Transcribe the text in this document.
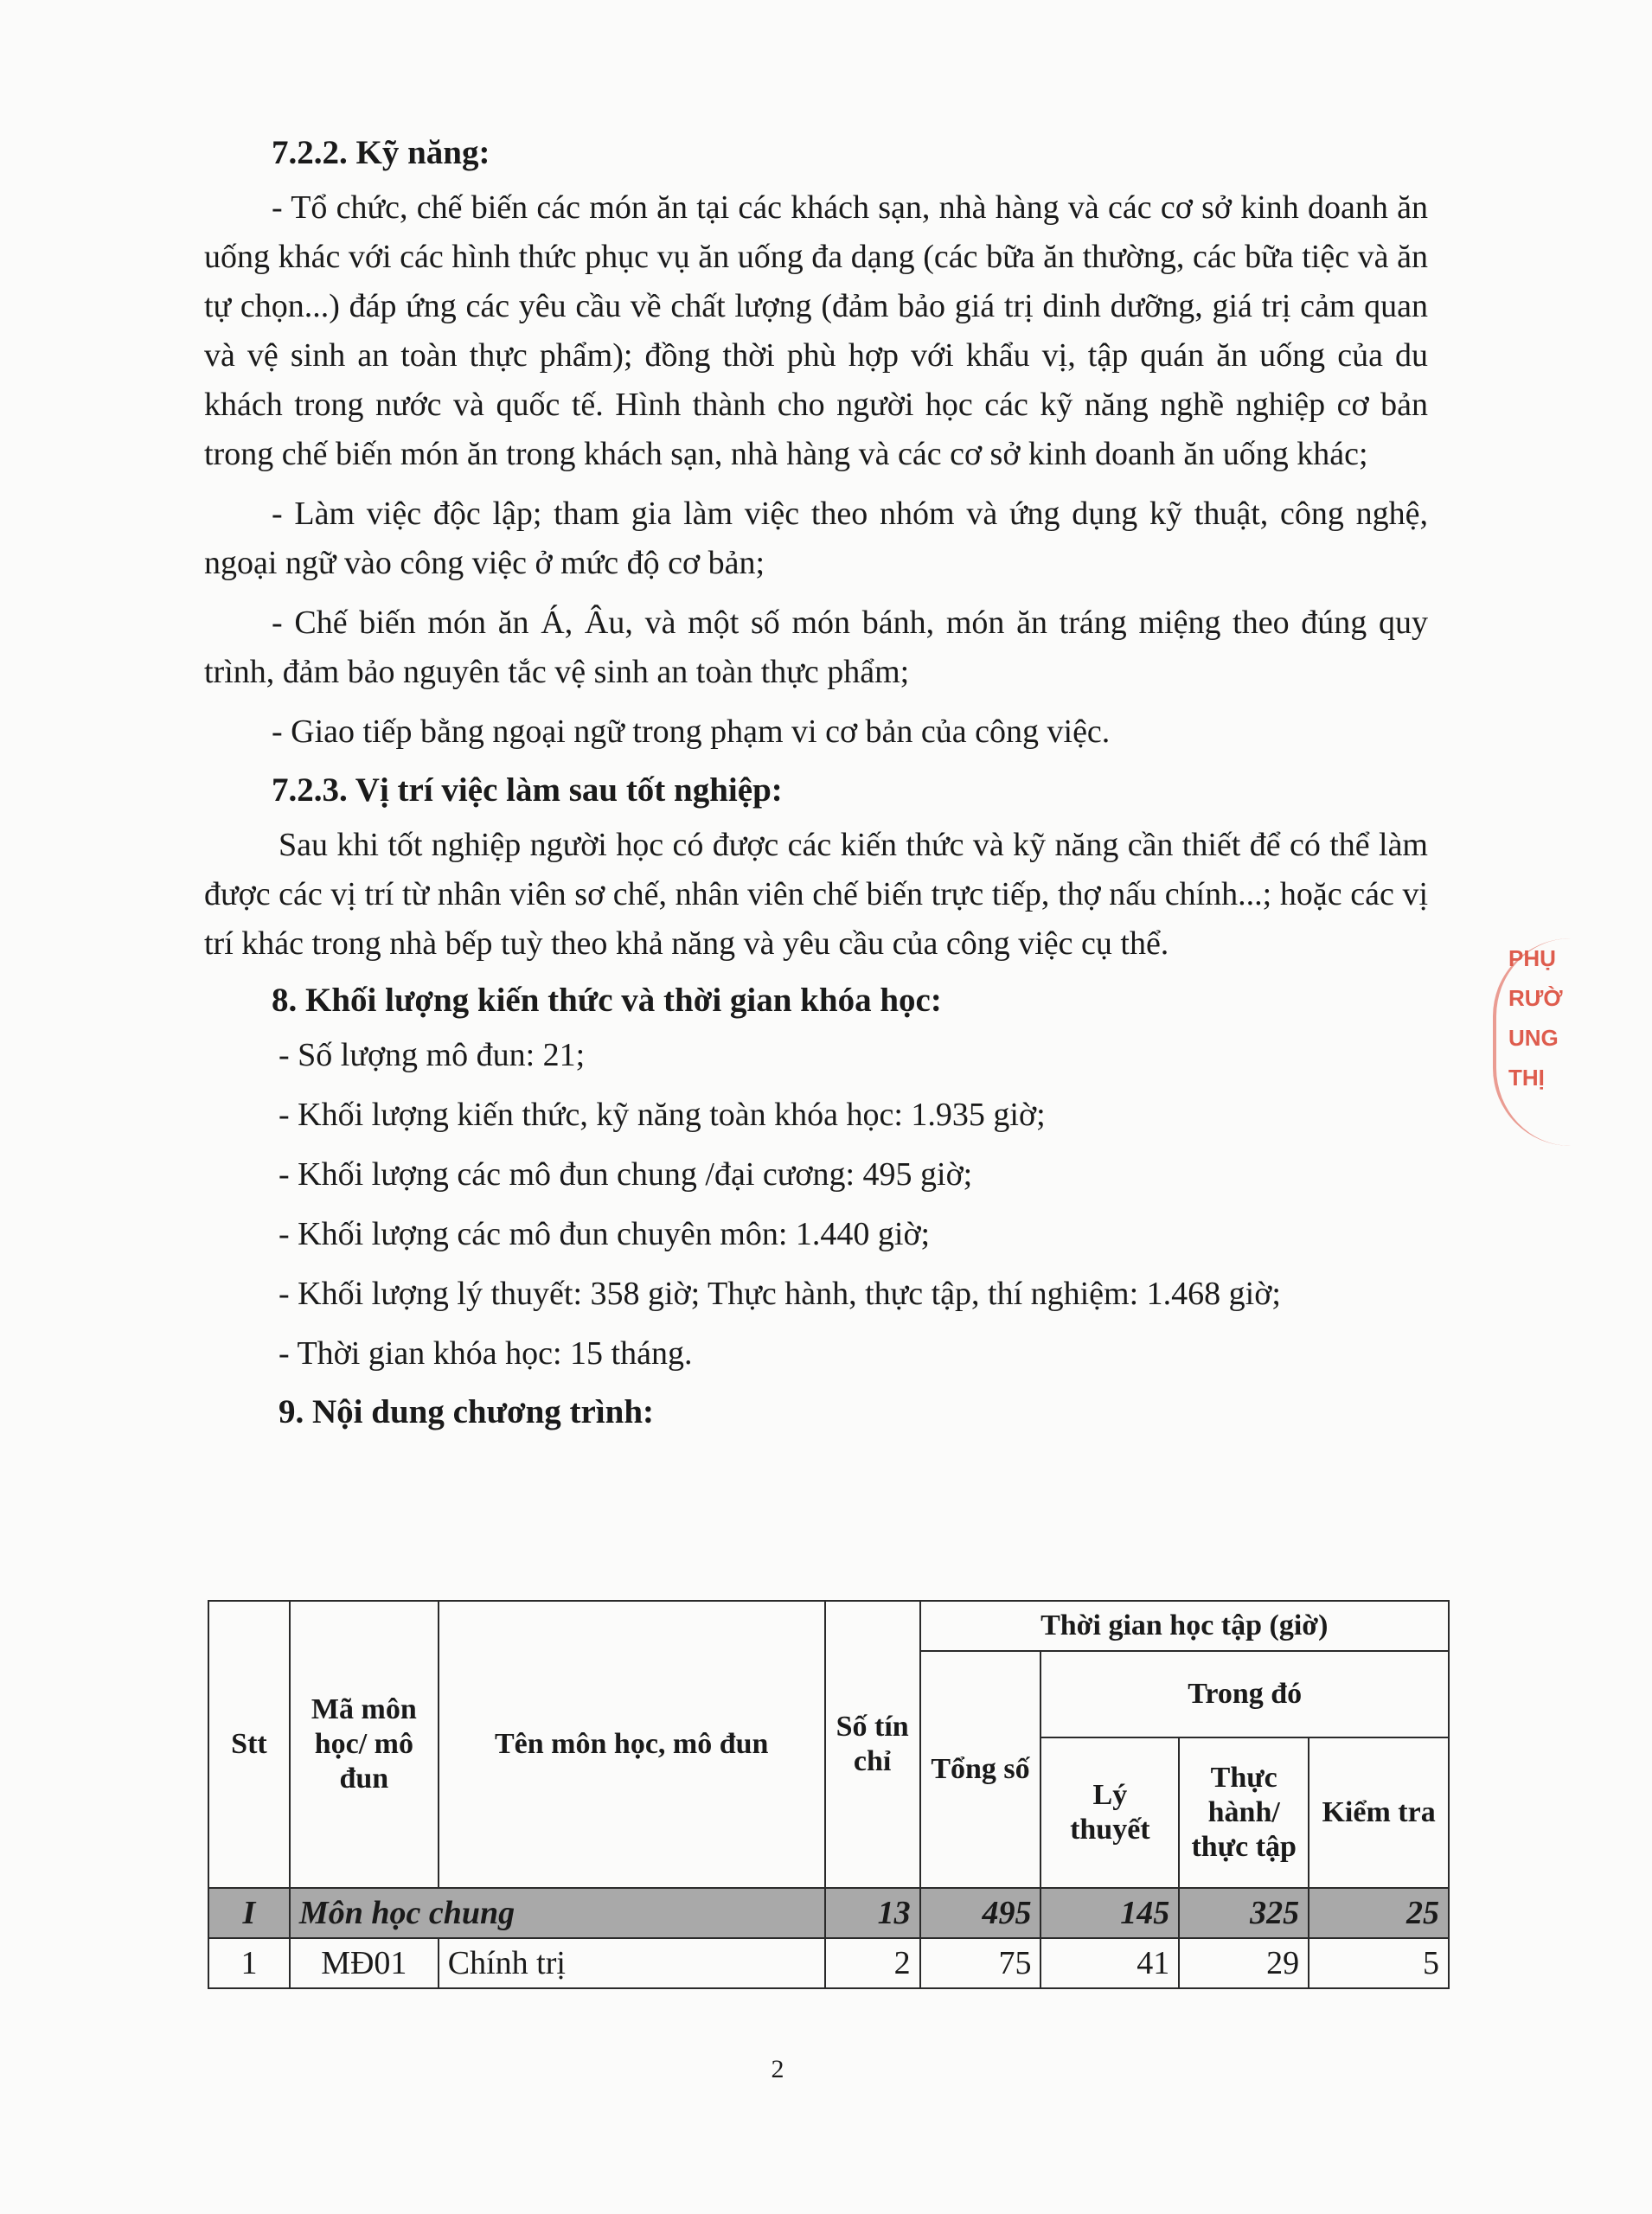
7.2.2. Kỹ năng:

- Tổ chức, chế biến các món ăn tại các khách sạn, nhà hàng và các cơ sở kinh doanh ăn uống khác với các hình thức phục vụ ăn uống đa dạng (các bữa ăn thường, các bữa tiệc và ăn tự chọn...) đáp ứng các yêu cầu về chất lượng (đảm bảo giá trị dinh dưỡng, giá trị cảm quan và vệ sinh an toàn thực phẩm); đồng thời phù hợp với khẩu vị, tập quán ăn uống của du khách trong nước và quốc tế. Hình thành cho người học các kỹ năng nghề nghiệp cơ bản trong chế biến món ăn trong khách sạn, nhà hàng và các cơ sở kinh doanh ăn uống khác;

- Làm việc độc lập; tham gia làm việc theo nhóm và ứng dụng kỹ thuật, công nghệ, ngoại ngữ vào công việc ở mức độ cơ bản;

- Chế biến món ăn Á, Âu, và một số món bánh, món ăn tráng miệng theo đúng quy trình, đảm bảo nguyên tắc vệ sinh an toàn thực phẩm;

- Giao tiếp bằng ngoại ngữ trong phạm vi cơ bản của công việc.

7.2.3. Vị trí việc làm sau tốt nghiệp:

Sau khi tốt nghiệp người học có được các kiến thức và kỹ năng cần thiết để có thể làm được các vị trí từ nhân viên sơ chế, nhân viên chế biến trực tiếp, thợ nấu chính...; hoặc các vị trí khác trong nhà bếp tuỳ theo khả năng và yêu cầu của công việc cụ thể.

8. Khối lượng kiến thức và thời gian khóa học:

- Số lượng mô đun: 21;

- Khối lượng kiến thức, kỹ năng toàn khóa học: 1.935 giờ;

- Khối lượng các mô đun chung /đại cương: 495 giờ;

- Khối lượng các mô đun chuyên môn: 1.440 giờ;

- Khối lượng lý thuyết: 358 giờ; Thực hành, thực tập, thí nghiệm: 1.468 giờ;

- Thời gian khóa học: 15 tháng.

9. Nội dung chương trình:
Stt	Mã môn học/ mô đun	Tên môn học, mô đun	Số tín chỉ	Thời gian học tập (giờ)			
				Tổng số	Trong đó		
					Lý thuyết	Thực hành/ thực tập	Kiểm tra
I	Môn học chung		13	495	145	325	25
1	MĐ01	Chính trị	2	75	41	29	5
2
PHỤ
RƯỜ
UNG
THỊ
